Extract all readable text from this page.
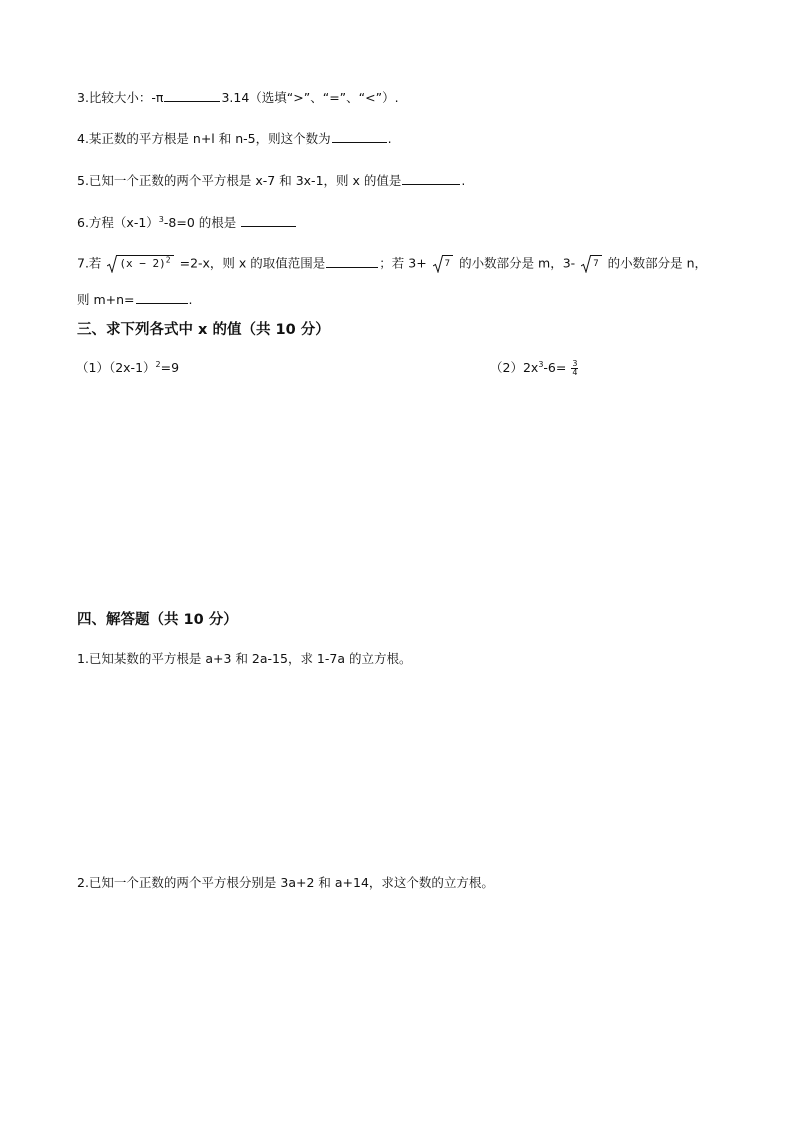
3.比较大小：-π	3.14（选填“>”、“=”、“<”）.
4.某正数的平方根是 n+l 和 n-5，则这个数为	.
5.已知一个正数的两个平方根是 x-7 和 3x-1，则 x 的值是	.
6.方程$(x-1)^3-8=0$ 的根是
7.若 $(x - 2)^2 =2-x$，则 x 的取值范围是	；若 3+ 7 的小数部分是 m，3- 7 的小数部分是 n，
则 m+n=	.
三、求下列各式中 x 的值（共 10 分）
$(1)(2x-1)^2=9$	$(2)2x^3-6= \frac{3}{4}$
四、解答题（共 10 分）
1.已知某数的平方根是 a+3 和 2a-15，求 1-7a 的立方根。
2.已知一个正数的两个平方根分别是 3a+2 和 a+14，求这个数的立方根。
